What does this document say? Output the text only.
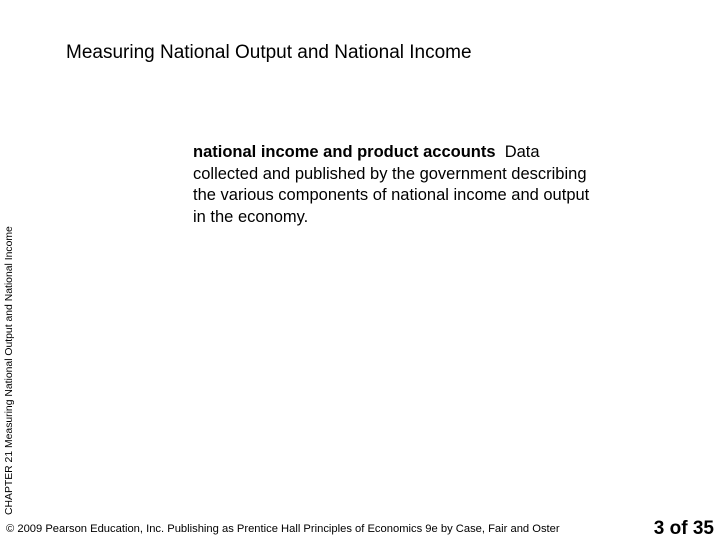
Measuring National Output and National Income
CHAPTER 21 Measuring National Output and National Income
national income and product accounts Data collected and published by the government describing the various components of national income and output in the economy.
© 2009 Pearson Education, Inc. Publishing as Prentice Hall Principles of Economics 9e by Case, Fair and Oster	3 of 35
